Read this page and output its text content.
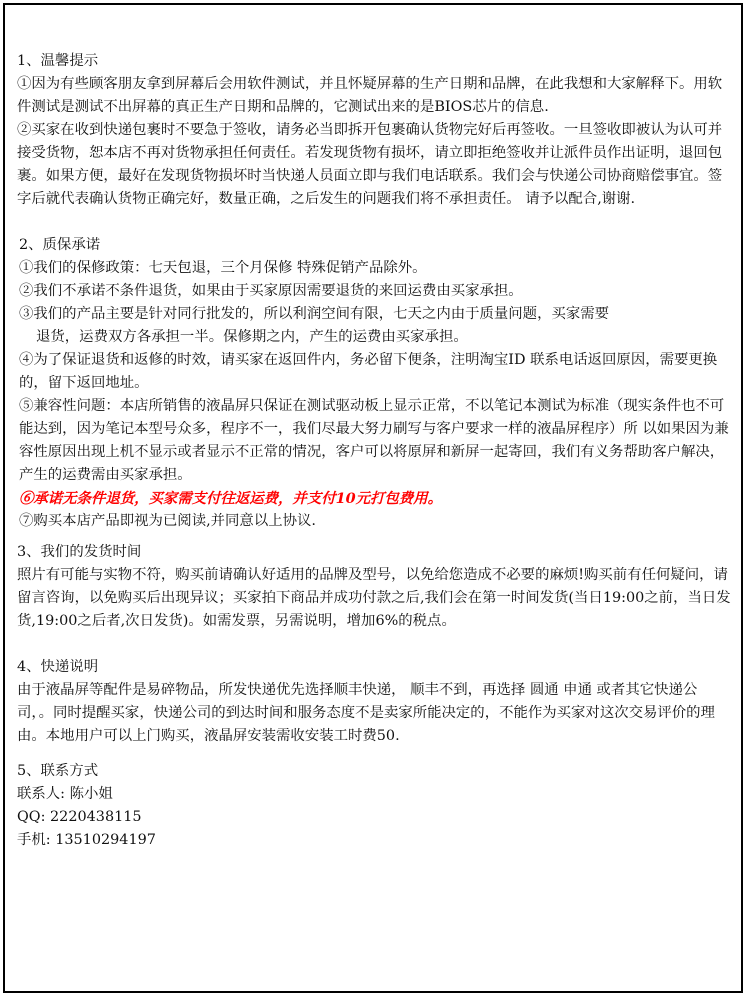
1、温馨提示

①因为有些顾客朋友拿到屏幕后会用软件测试，并且怀疑屏幕的生产日期和品牌，在此我想和大家解释下。用软件测试是测试不出屏幕的真正生产日期和品牌的，它测试出来的是BIOS芯片的信息.

②买家在收到快递包裹时不要急于签收，请务必当即拆开包裹确认货物完好后再签收。一旦签收即被认为认可并接受货物，恕本店不再对货物承担任何责任。若发现货物有损坏，请立即拒绝签收并让派件员作出证明，退回包裹。如果方便，最好在发现货物损坏时当快递人员面立即与我们电话联系。我们会与快递公司协商赔偿事宜。签字后就代表确认货物正确完好，数量正确，之后发生的问题我们将不承担责任。 请予以配合,谢谢.

2、质保承诺

①我们的保修政策：七天包退，三个月保修 特殊促销产品除外。

②我们不承诺不条件退货，如果由于买家原因需要退货的来回运费由买家承担。

③我们的产品主要是针对同行批发的，所以利润空间有限，七天之内由于质量问题，买家需要

退货，运费双方各承担一半。保修期之内，产生的运费由买家承担。

④为了保证退货和返修的时效，请买家在返回件内，务必留下便条，注明淘宝ID 联系电话返回原因，需要更换的，留下返回地址。

⑤兼容性问题：本店所销售的液晶屏只保证在测试驱动板上显示正常，不以笔记本测试为标准（现实条件也不可能达到，因为笔记本型号众多，程序不一，我们尽最大努力刷写与客户要求一样的液晶屏程序）所 以如果因为兼容性原因出现上机不显示或者显示不正常的情况，客户可以将原屏和新屏一起寄回，我们有义务帮助客户解决，产生的运费需由买家承担。

⑥承诺无条件退货，买家需支付往返运费，并支付10元打包费用。

⑦购买本店产品即视为已阅读,并同意以上协议.

3、我们的发货时间

照片有可能与实物不符，购买前请确认好适用的品牌及型号，以免给您造成不必要的麻烦!购买前有任何疑问，请留言咨询，以免购买后出现异议；买家拍下商品并成功付款之后,我们会在第一时间发货(当日19:00之前，当日发货,19:00之后者,次日发货)。如需发票，另需说明，增加6%的税点。

4、快递说明

由于液晶屏等配件是易碎物品，所发快递优先选择顺丰快递， 顺丰不到，再选择 圆通 申通 或者其它快递公司，。同时提醒买家，快递公司的到达时间和服务态度不是卖家所能决定的，不能作为买家对这次交易评价的理由。本地用户可以上门购买，液晶屏安装需收安装工时费50.

5、联系方式

联系人: 陈小姐

QQ: 2220438115

手机: 13510294197
